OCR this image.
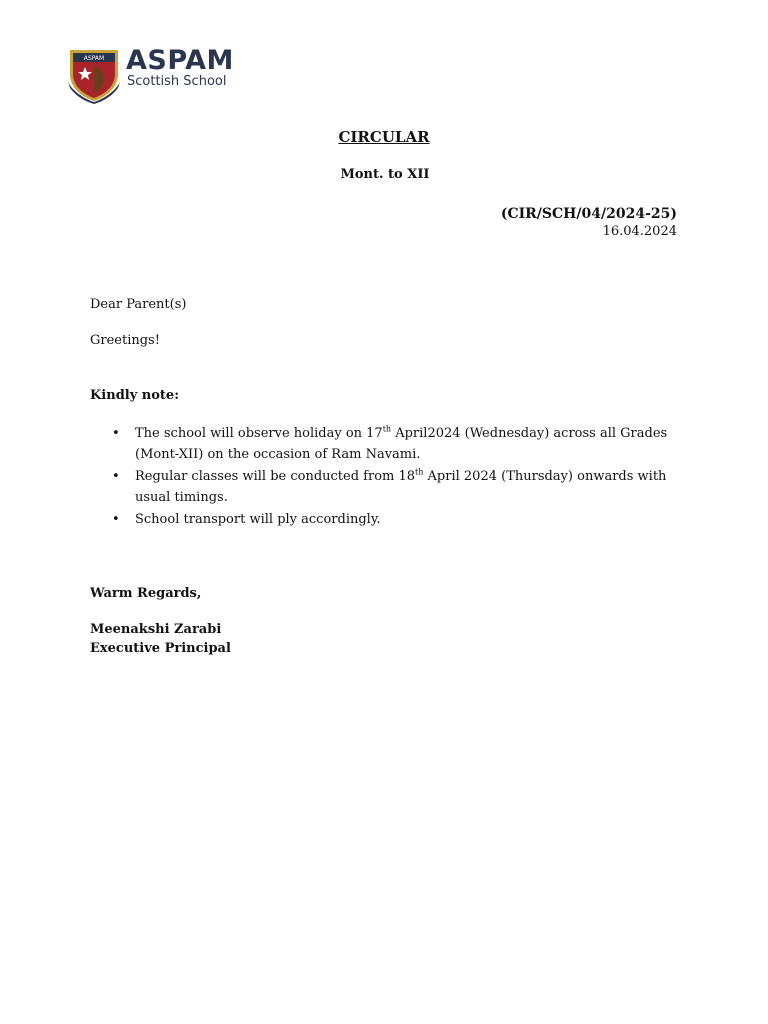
ASPAM ASPAM
Scottish School
CIRCULAR
Mont. to XII
(CIR/SCH/04/2024-25)
16.04.2024
Dear Parent(s)
Greetings!
Kindly note:
• The school will observe holiday on 17th April2024 (Wednesday) across all Grades (Mont-XII) on the occasion of Ram Navami.
• Regular classes will be conducted from 18th April 2024 (Thursday) onwards with usual timings.
• School transport will ply accordingly.
Warm Regards,
Meenakshi Zarabi
Executive Principal
